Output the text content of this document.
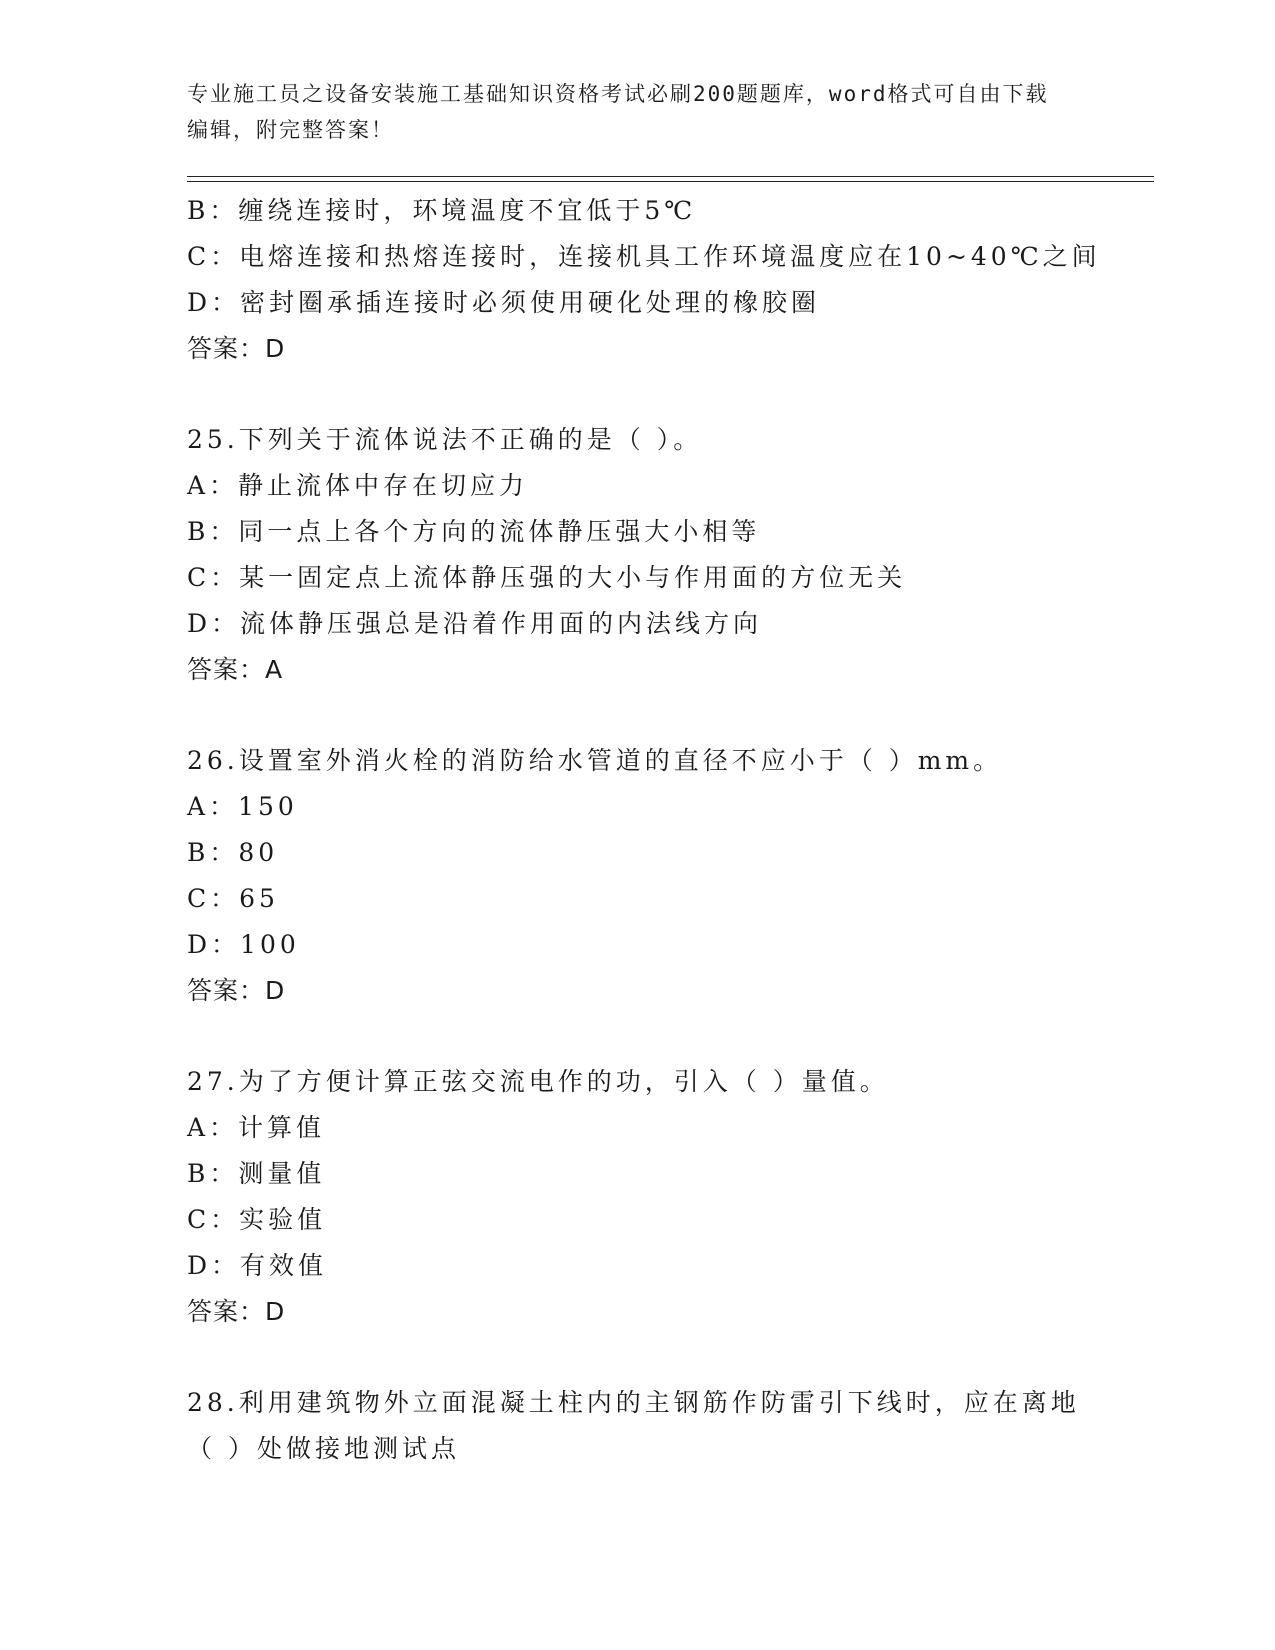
专业施工员之设备安装施工基础知识资格考试必刷200题题库，word格式可自由下载编辑，附完整答案！
B：缠绕连接时，环境温度不宜低于5℃
C：电熔连接和热熔连接时，连接机具工作环境温度应在10~40℃之间
D：密封圈承插连接时必须使用硬化处理的橡胶圈
答案：D
25.下列关于流体说法不正确的是（ ）。
A：静止流体中存在切应力
B：同一点上各个方向的流体静压强大小相等
C：某一固定点上流体静压强的大小与作用面的方位无关
D：流体静压强总是沿着作用面的内法线方向
答案：A
26.设置室外消火栓的消防给水管道的直径不应小于（ ）mm。
A：150
B：80
C：65
D：100
答案：D
27.为了方便计算正弦交流电作的功，引入（ ）量值。
A：计算值
B：测量值
C：实验值
D：有效值
答案：D
28.利用建筑物外立面混凝土柱内的主钢筋作防雷引下线时，应在离地
（ ）处做接地测试点
